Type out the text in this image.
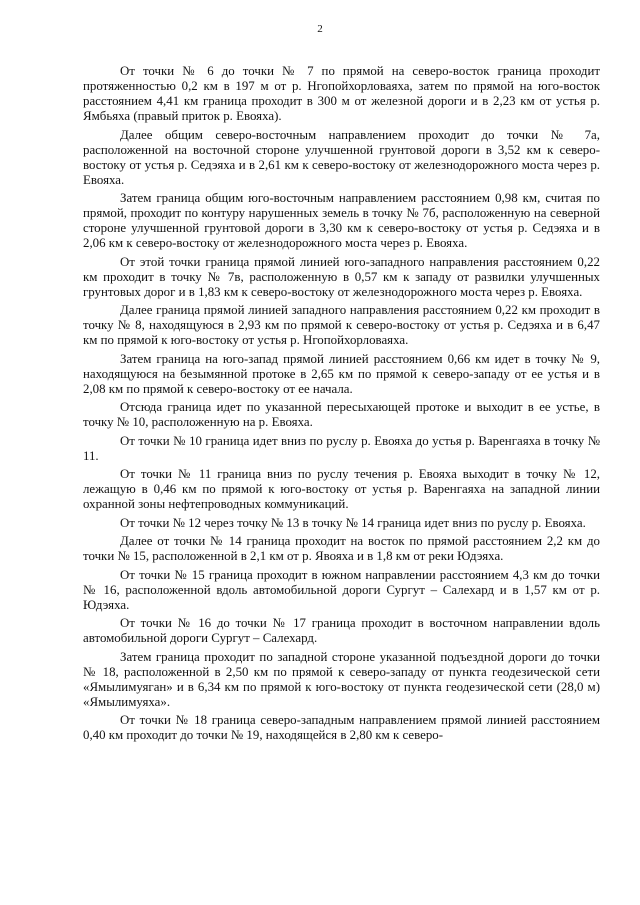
2

От точки № 6 до точки № 7 по прямой на северо-восток граница проходит протяженностью 0,2 км в 197 м от р. Нгопойхорловаяха, затем по прямой на юго-восток расстоянием 4,41 км граница проходит в 300 м от железной дороги и в 2,23 км от устья р. Ямбьяха (правый приток р. Евояха).

Далее общим северо-восточным направлением проходит до точки № 7а, расположенной на восточной стороне улучшенной грунтовой дороги в 3,52 км к северо-востоку от устья р. Седэяха и в 2,61 км к северо-востоку от железнодорожного моста через р. Евояха.

Затем граница общим юго-восточным направлением расстоянием 0,98 км, считая по прямой, проходит по контуру нарушенных земель в точку № 7б, расположенную на северной стороне улучшенной грунтовой дороги в 3,30 км к северо-востоку от устья р. Седэяха и в 2,06 км к северо-востоку от железнодорожного моста через р. Евояха.

От этой точки граница прямой линией юго-западного направления расстоянием 0,22 км проходит в точку № 7в, расположенную в 0,57 км к западу от развилки улучшенных грунтовых дорог и в 1,83 км к северо-востоку от железнодорожного моста через р. Евояха.

Далее граница прямой линией западного направления расстоянием 0,22 км проходит в точку № 8, находящуюся в 2,93 км по прямой к северо-востоку от устья р. Седэяха и в 6,47 км по прямой к юго-востоку от устья р. Нгопойхорловаяха.

Затем граница на юго-запад прямой линией расстоянием 0,66 км идет в точку № 9, находящуюся на безымянной протоке в 2,65 км по прямой к северо-западу от ее устья и в 2,08 км по прямой к северо-востоку от ее начала.

Отсюда граница идет по указанной пересыхающей протоке и выходит в ее устье, в точку № 10, расположенную на р. Евояха.

От точки № 10 граница идет вниз по руслу р. Евояха до устья р. Варенгаяха в точку № 11.

От точки № 11 граница вниз по руслу течения р. Евояха выходит в точку № 12, лежащую в 0,46 км по прямой к юго-востоку от устья р. Варенгаяха на западной линии охранной зоны нефтепроводных коммуникаций.

От точки № 12 через точку № 13 в точку № 14 граница идет вниз по руслу р. Евояха.

Далее от точки № 14 граница проходит на восток по прямой расстоянием 2,2 км до точки № 15, расположенной в 2,1 км от р. Явояха и в 1,8 км от реки Юдэяха.

От точки № 15 граница проходит в южном направлении расстоянием 4,3 км до точки № 16, расположенной вдоль автомобильной дороги Сургут – Салехард и в 1,57 км от р. Юдэяха.

От точки № 16 до точки № 17 граница проходит в восточном направлении вдоль автомобильной дороги Сургут – Салехард.

Затем граница проходит по западной стороне указанной подъездной дороги до точки № 18, расположенной в 2,50 км по прямой к северо-западу от пункта геодезической сети «Ямылимуяган» и в 6,34 км по прямой к юго-востоку от пункта геодезической сети (28,0 м) «Ямылимуяха».

От точки № 18 граница северо-западным направлением прямой линией расстоянием 0,40 км проходит до точки № 19, находящейся в 2,80 км к северо-
